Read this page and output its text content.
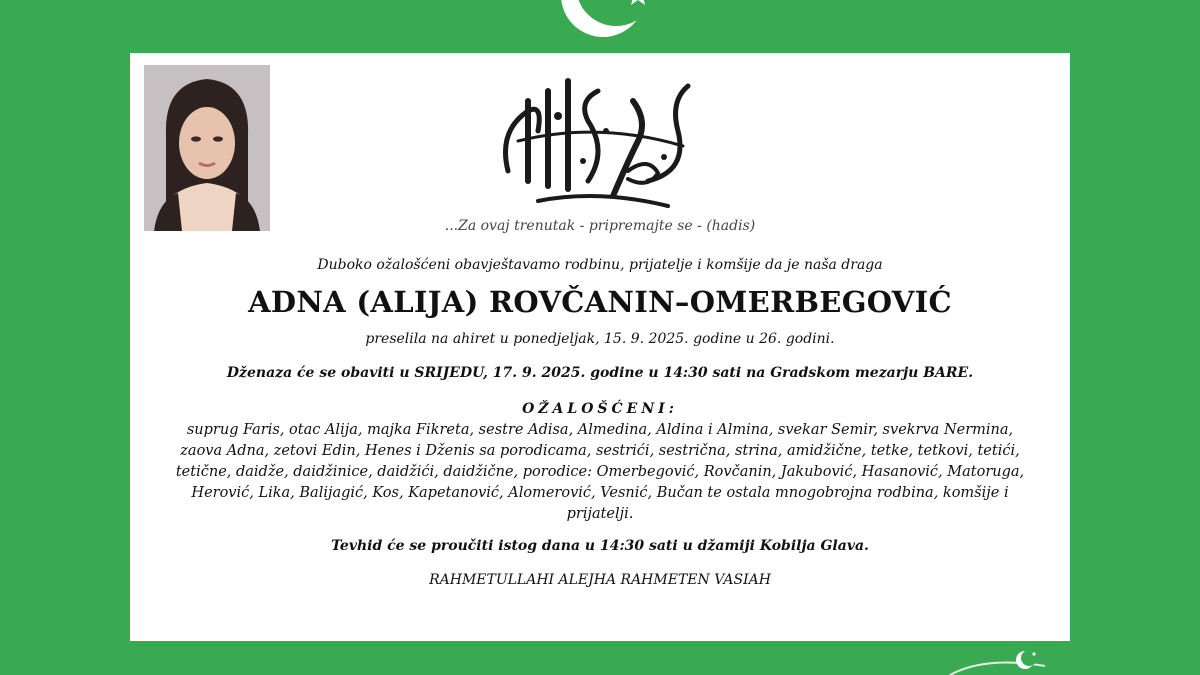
...Za ovaj trenutak - pripremajte se - (hadis)

Duboko ožalošćeni obavještavamo rodbinu, prijatelje i komšije da je naša draga

ADNA (ALIJA) ROVČANIN–OMERBEGOVIĆ

preselila na ahiret u ponedjeljak, 15. 9. 2025. godine u 26. godini.

Dženaza će se obaviti u SRIJEDU, 17. 9. 2025. godine u 14:30 sati na Gradskom mezarju BARE.

OŽALOŠĆENI:

suprug Faris, otac Alija, majka Fikreta, sestre Adisa, Almedina, Aldina i Almina, svekar Semir, svekrva Nermina, zaova Adna, zetovi Edin, Henes i Dženis sa porodicama, sestrići, sestrična, strina, amidžične, tetke, tetkovi, tetići, tetične, daidže, daidžinice, daidžići, daidžične, porodice: Omerbegović, Rovčanin, Jakubović, Hasanović, Matoruga, Herović, Lika, Balijagić, Kos, Kapetanović, Alomerović, Vesnić, Bučan te ostala mnogobrojna rodbina, komšije i prijatelji.

Tevhid će se proučiti istog dana u 14:30 sati u džamiji Kobilja Glava.

RAHMETULLAHI ALEJHA RAHMETEN VASIAH
